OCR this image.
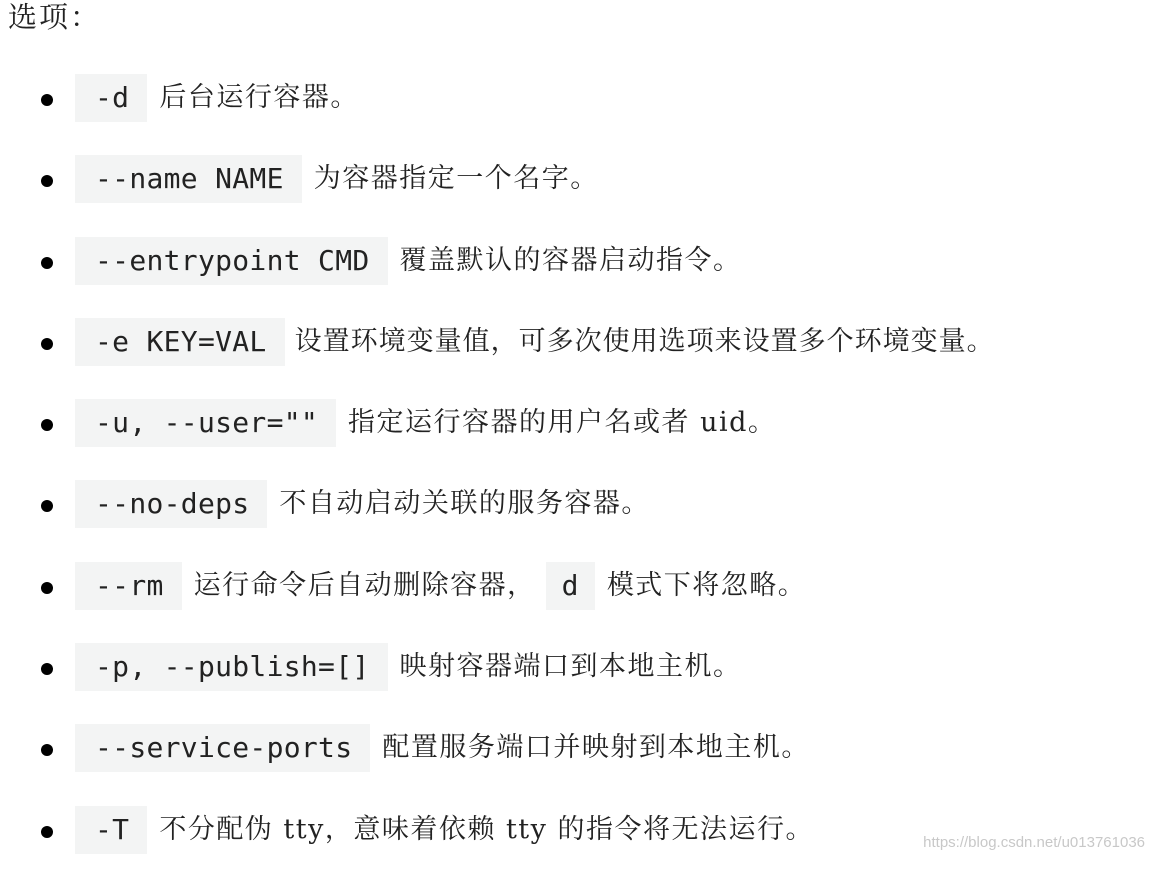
选项：
-d	后台运行容器。
--name NAME	为容器指定一个名字。
--entrypoint CMD	覆盖默认的容器启动指令。
-e KEY=VAL	设置环境变量值，可多次使用选项来设置多个环境变量。
-u, --user=""	指定运行容器的用户名或者 uid。
--no-deps	不自动启动关联的服务容器。
--rm	运行命令后自动删除容器， d	模式下将忽略。
-p, --publish=[]	映射容器端口到本地主机。
--service-ports	配置服务端口并映射到本地主机。
-T	不分配伪 tty，意味着依赖 tty 的指令将无法运行。	https://blog.csdn.net/u013761036
